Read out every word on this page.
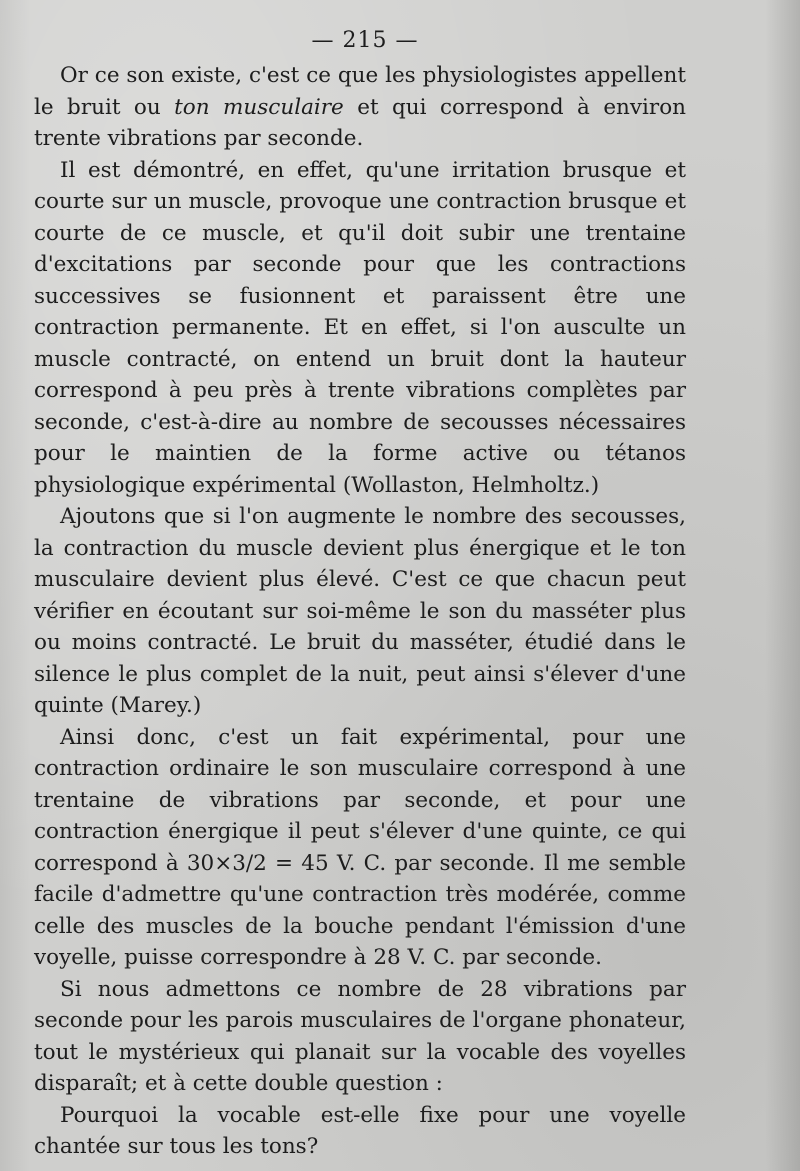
— 215 —

Or ce son existe, c'est ce que les physiologistes appellent le bruit ou ton musculaire et qui correspond à environ trente vibrations par seconde.

Il est démontré, en effet, qu'une irritation brusque et courte sur un muscle, provoque une contraction brusque et courte de ce muscle, et qu'il doit subir une trentaine d'excitations par seconde pour que les contractions successives se fusionnent et paraissent être une contraction permanente. Et en effet, si l'on ausculte un muscle contracté, on entend un bruit dont la hauteur correspond à peu près à trente vibrations complètes par seconde, c'est-à-dire au nombre de secousses nécessaires pour le maintien de la forme active ou tétanos physiologique expérimental (Wollaston, Helmholtz.)

Ajoutons que si l'on augmente le nombre des secousses, la contraction du muscle devient plus énergique et le ton musculaire devient plus élevé. C'est ce que chacun peut vérifier en écoutant sur soi-même le son du masséter plus ou moins contracté. Le bruit du masséter, étudié dans le silence le plus complet de la nuit, peut ainsi s'élever d'une quinte (Marey.)

Ainsi donc, c'est un fait expérimental, pour une contraction ordinaire le son musculaire correspond à une trentaine de vibrations par seconde, et pour une contraction énergique il peut s'élever d'une quinte, ce qui correspond à 30×3/2 = 45 V. C. par seconde. Il me semble facile d'admettre qu'une contraction très modérée, comme celle des muscles de la bouche pendant l'émission d'une voyelle, puisse correspondre à 28 V. C. par seconde.

Si nous admettons ce nombre de 28 vibrations par seconde pour les parois musculaires de l'organe phonateur, tout le mystérieux qui planait sur la vocable des voyelles disparaît; et à cette double question :

Pourquoi la vocable est-elle fixe pour une voyelle chantée sur tous les tons?
